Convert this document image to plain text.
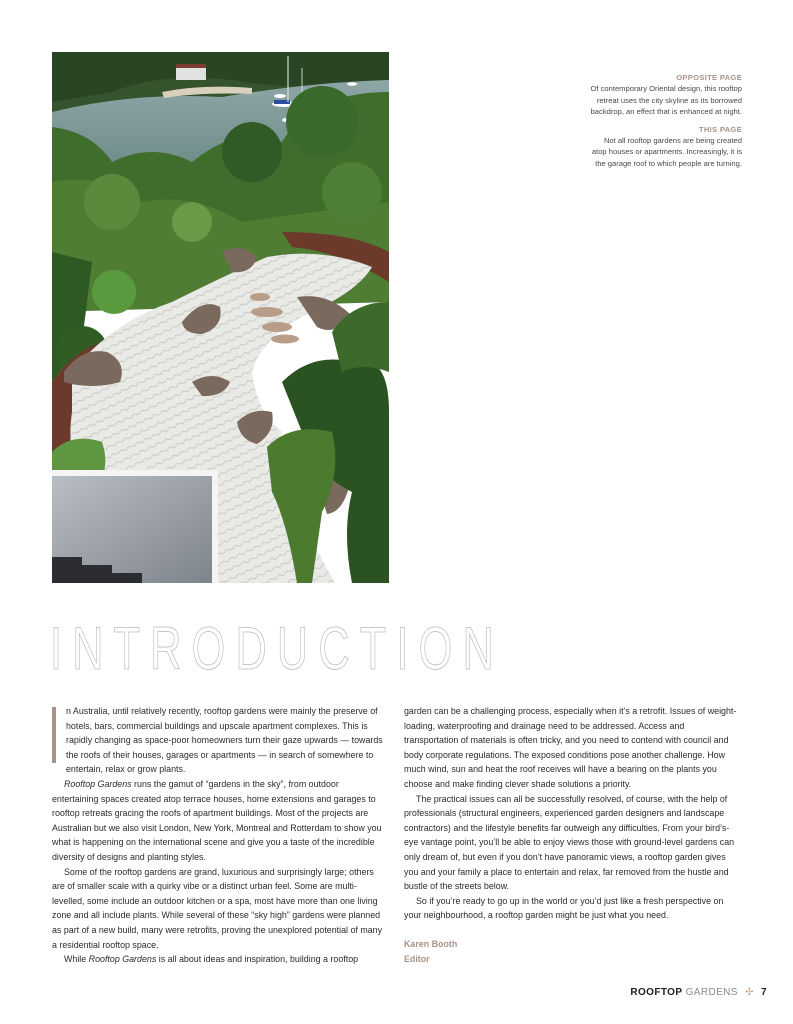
OPPOSITE PAGE

Of contemporary Oriental design, this rooftop retreat uses the city skyline as its borrowed backdrop, an effect that is enhanced at night.

THIS PAGE

Not all rooftop gardens are being created atop houses or apartments. Increasingly, it is the garage roof to which people are turning.

INTRODUCTION

n Australia, until relatively recently, rooftop gardens were mainly the preserve of hotels, bars, commercial buildings and upscale apartment complexes. This is rapidly changing as space-poor homeowners turn their gaze upwards — towards the roofs of their houses, garages or apartments — in search of somewhere to entertain, relax or grow plants.

Rooftop Gardens runs the gamut of “gardens in the sky”, from outdoor entertaining spaces created atop terrace houses, home extensions and garages to rooftop retreats gracing the roofs of apartment buildings. Most of the projects are Australian but we also visit London, New York, Montreal and Rotterdam to show you what is happening on the international scene and give you a taste of the incredible diversity of designs and planting styles.

Some of the rooftop gardens are grand, luxurious and surprisingly large; others are of smaller scale with a quirky vibe or a distinct urban feel. Some are multi-levelled, some include an outdoor kitchen or a spa, most have more than one living zone and all include plants. While several of these “sky high” gardens were planned as part of a new build, many were retrofits, proving the unexplored potential of many a residential rooftop space.

While Rooftop Gardens is all about ideas and inspiration, building a rooftop

garden can be a challenging process, especially when it’s a retrofit. Issues of weight-loading, waterproofing and drainage need to be addressed. Access and transportation of materials is often tricky, and you need to contend with council and body corporate regulations. The exposed conditions pose another challenge. How much wind, sun and heat the roof receives will have a bearing on the plants you choose and make finding clever shade solutions a priority.

The practical issues can all be successfully resolved, of course, with the help of professionals (structural engineers, experienced garden designers and landscape contractors) and the lifestyle benefits far outweigh any difficulties. From your bird’s-eye vantage point, you’ll be able to enjoy views those with ground-level gardens can only dream of, but even if you don’t have panoramic views, a rooftop garden gives you and your family a place to entertain and relax, far removed from the hustle and bustle of the streets below.

So if you’re ready to go up in the world or you’d just like a fresh perspective on your neighbourhood, a rooftop garden might be just what you need.

Karen Booth
Editor
ROOFTOP GARDENS ✣ 7
